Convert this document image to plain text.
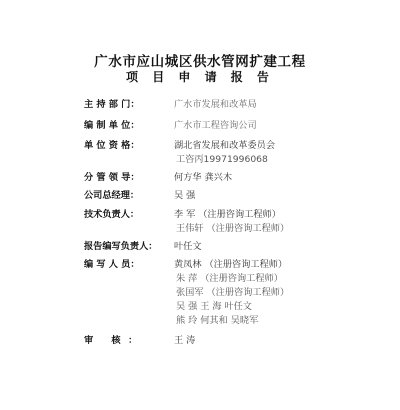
广水市应山城区供水管网扩建工程
项 目 申 请 报 告
主 持 部 门：	广水市发展和改革局
编 制 单 位：	广水市工程咨询公司
单 位 资 格：	湖北省发展和改革委员会
工咨丙19971996068
分 管 领 导：	何方华 龚兴木
公司总经理：	吴 强
技术负责人：	李 军 （注册咨询工程师）
王伟轩 （注册咨询工程师）
报告编写负责人： 叶任文
编 写 人 员：	黄凤林 （注册咨询工程师）
朱 萍 （注册咨询工程师）
张国军 （注册咨询工程师）
吴 强 王 海 叶任文
熊 玲 何其和 吴晓军
审 核：	王 涛
